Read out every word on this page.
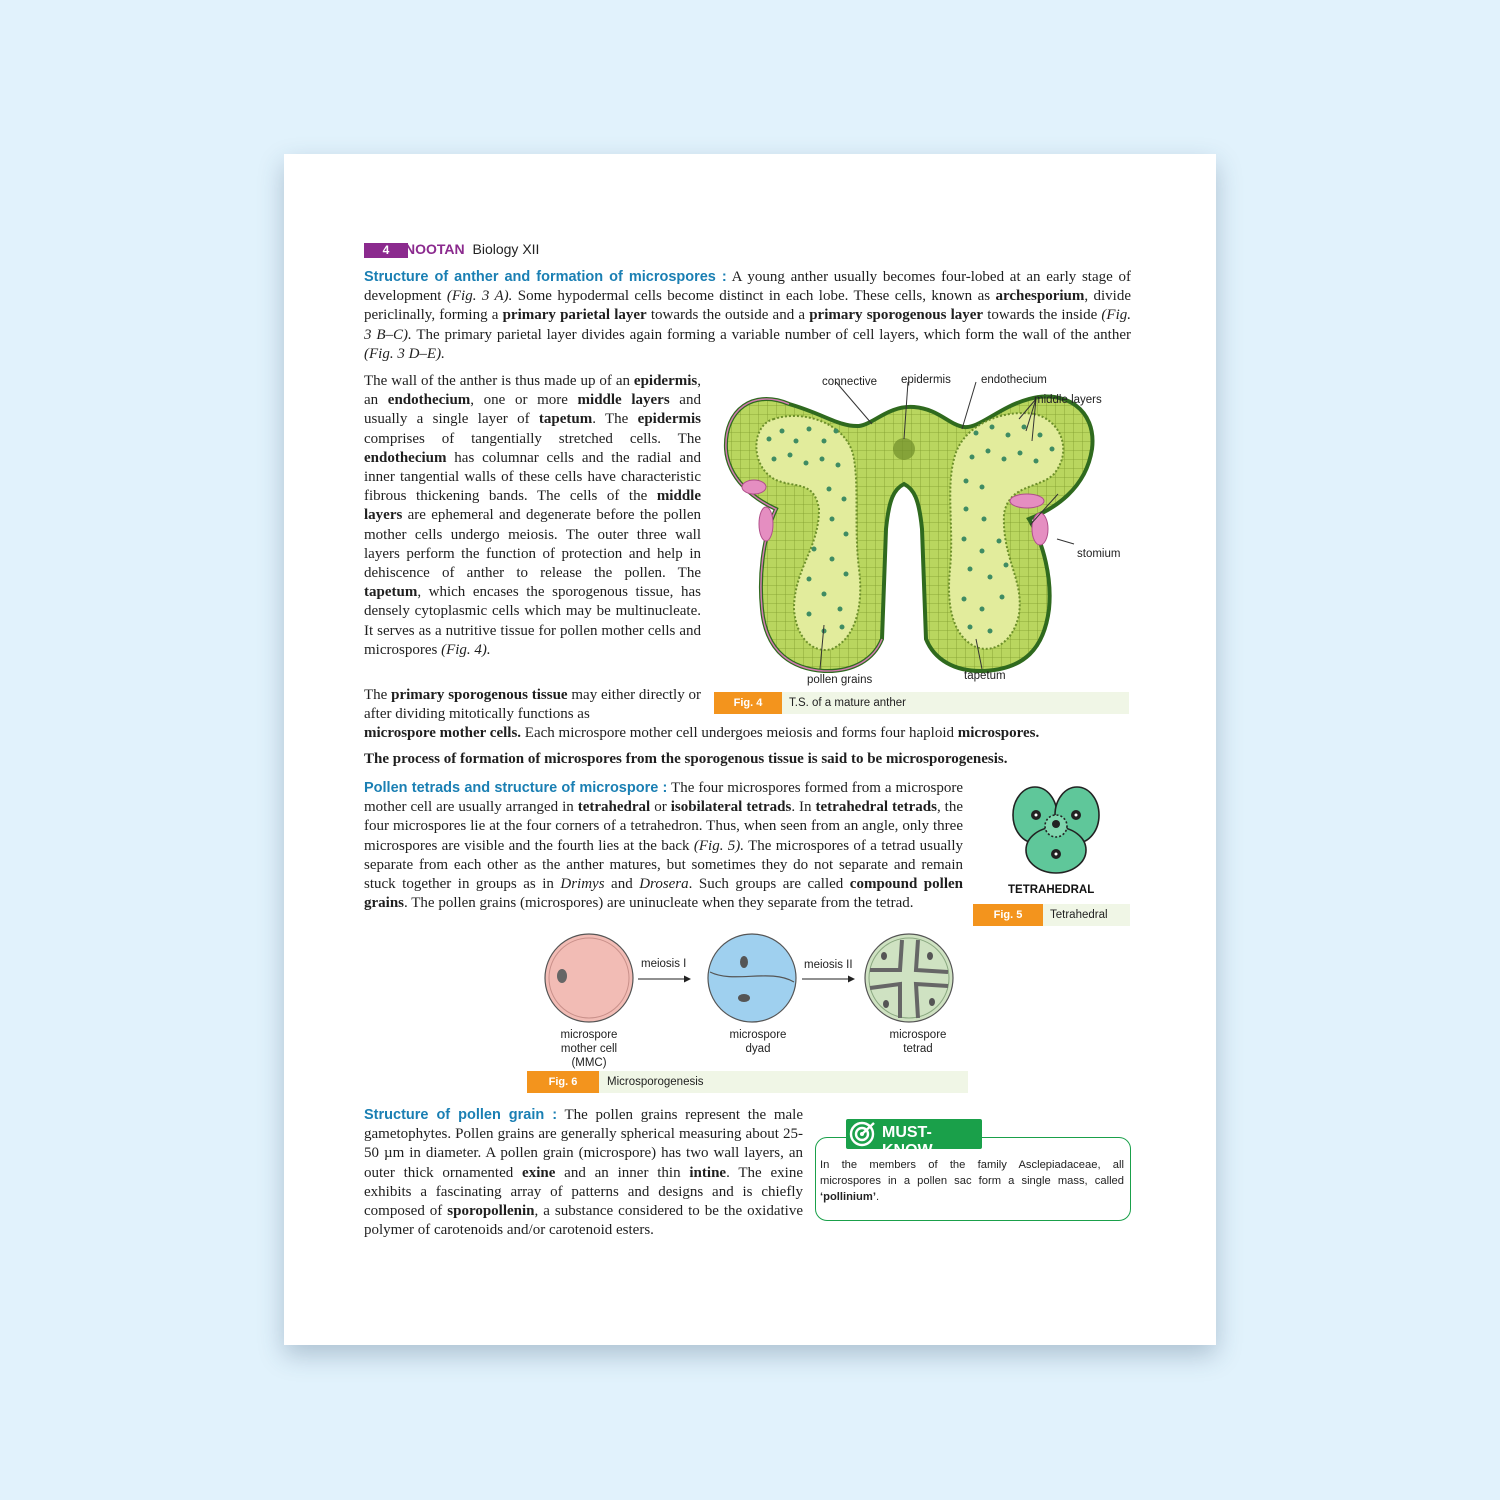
4	NOOTAN Biology XII
Structure of anther and formation of microspores : A young anther usually becomes four-lobed at an early stage of development (Fig. 3 A). Some hypodermal cells become distinct in each lobe. These cells, known as archesporium, divide periclinally, forming a primary parietal layer towards the outside and a primary sporogenous layer towards the inside (Fig. 3 B–C). The primary parietal layer divides again forming a variable number of cell layers, which form the wall of the anther (Fig. 3 D–E).
The wall of the anther is thus made up of an epidermis, an endothecium, one or more middle layers and usually a single layer of tapetum. The epidermis comprises of tangentially stretched cells. The endothecium has columnar cells and the radial and inner tangential walls of these cells have characteristic fibrous thickening bands. The cells of the middle layers are ephemeral and degenerate before the pollen mother cells undergo meiosis. The outer three wall layers perform the function of protection and help in dehiscence of anther to release the pollen. The tapetum, which encases the sporogenous tissue, has densely cytoplasmic cells which may be multinucleate. It serves as a nutritive tissue for pollen mother cells and microspores (Fig. 4).
The primary sporogenous tissue may either directly or after dividing mitotically functions as
microspore mother cells. Each microspore mother cell undergoes meiosis and forms four haploid microspores.
The process of formation of microspores from the sporogenous tissue is said to be microsporogenesis.
connective epidermis	endothecium
middle layers
stomium
pollen grains	tapetum
Fig. 4	T.S. of a mature anther
Pollen tetrads and structure of microspore : The four microspores formed from a microspore mother cell are usually arranged in tetrahedral or isobilateral tetrads. In tetrahedral tetrads, the four microspores lie at the four corners of a tetrahedron. Thus, when seen from an angle, only three microspores are visible and the fourth lies at the back (Fig. 5). The microspores of a tetrad usually separate from each other as the anther matures, but sometimes they do not separate and remain stuck together in groups as in Drimys and Drosera. Such groups are called compound pollen grains. The pollen grains (microspores) are uninucleate when they separate from the tetrad.
TETRAHEDRAL
Fig. 5	Tetrahedral
meiosis I	meiosis II
microspore
mother cell
(MMC)
microspore
dyad
microspore
tetrad
Fig. 6	Microsporogenesis
Structure of pollen grain : The pollen grains represent the male gametophytes. Pollen grains are generally spherical measuring about 25-50 µm in diameter. A pollen grain (microspore) has two wall layers, an outer thick ornamented exine and an inner thin intine. The exine exhibits a fascinating array of patterns and designs and is chiefly composed of sporopollenin, a substance considered to be the oxidative polymer of carotenoids and/or carotenoid esters.
MUST-KNOW
In the members of the family Asclepiadaceae, all microspores in a pollen sac form a single mass, called ‘pollinium’.
